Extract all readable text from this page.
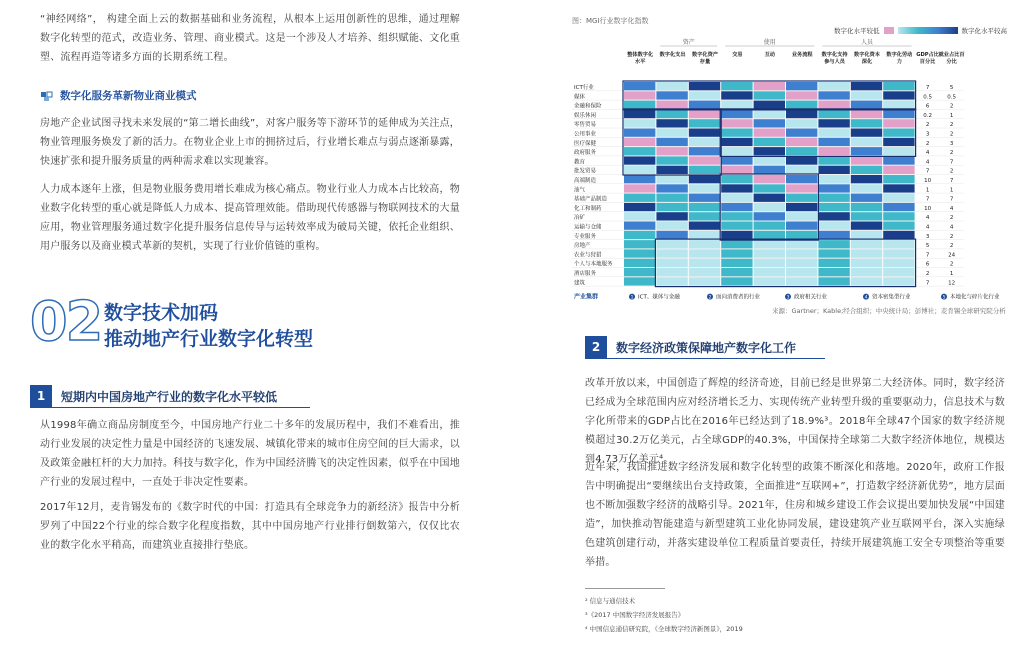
“神经网络”， 构建全面上云的数据基础和业务流程，从根本上运用创新性的思维，通过理解数字化转型的范式，改造业务、管理、商业模式。这是一个涉及人才培养、组织赋能、文化重塑、流程再造等诸多方面的长期系统工程。
数字化服务革新物业商业模式
房地产企业试图寻找未来发展的“第二增长曲线”，对客户服务等下游环节的延伸成为关注点，物业管理服务焕发了新的活力。在物业企业上市的拥挤过后，行业增长难点与弱点逐渐暴露，快速扩张和提升服务质量的两种需求难以实现兼容。
人力成本逐年上涨，但是物业服务费用增长难成为核心痛点。物业行业人力成本占比较高，物业数字化转型的重心就是降低人力成本、提高管理效能。借助现代传感器与物联网技术的大量应用，物业管理服务通过数字化提升服务信息传导与运转效率成为破局关键，依托企业组织、用户服务以及商业模式革新的契机，实现了行业价值链的重构。
02 数字技术加码
推动地产行业数字化转型
1	短期内中国房地产行业的数字化水平较低
从1998年确立商品房制度至今，中国房地产行业二十多年的发展历程中，我们不难看出，推动行业发展的决定性力量是中国经济的飞速发展、城镇化带来的城市住房空间的巨大需求，以及政策金融杠杆的大力加持。科技与数字化，作为中国经济腾飞的决定性因素，似乎在中国地产行业的发展过程中，一直处于非决定性要素。
2017年12月，麦肯锡发布的《数字时代的中国：打造具有全球竞争力的新经济》报告中分析罗列了中国22个行业的综合数字化程度指数，其中中国房地产行业排行倒数第六，仅仅比农业的数字化水平稍高，而建筑业直接排行垫底。
图：MGI行业数字化指数
数字化水平较低	数字化水平较高
资产	使用	人员
整体数字化水平
数字化支出 数字化资产存量
交易	互动	业务流程 数字化支持参与人员
数字化资本深化
数字化劳动力
GDP占比百分比
就业占比百分比
ICT行业	7	5
媒体	0.5	0.5
金融和保险	6	2
娱乐休闲	0.2	1
零售贸易	2	2
公用事业	3	2
医疗保健	2	3
政府服务	4	2
教育	4	7
批发贸易	7	2
高端制造	10	7
油气	1	1
基础产品制造	7	7
化工和制药	10	4
冶矿	4	2
运输与仓储	4	4
专业服务	3	2
房地产	5	2
农业与狩猎	7	24
个人与本地服务	6	2
酒店服务	2	1
建筑	7	12
产业集群	1 ICT、媒体与金融	2 面向消费者的行业	3 政府相关行业	4 资本密集型行业	5 本地化与碎片化行业
来源：Gartner；Kable;经合组织；中央统计局；彭博社；麦肯锡全球研究院分析
2	数字经济政策保障地产数字化工作
改革开放以来，中国创造了辉煌的经济奇迹，目前已经是世界第二大经济体。同时，数字经济已经成为全球范围内应对经济增长乏力、实现传统产业转型升级的重要驱动力，信息技术与数字化所带来的GDP占比在2016年已经达到了18.9%³。2018年全球47个国家的数字经济规模超过30.2万亿美元，占全球GDP的40.3%，中国保持全球第二大数字经济体地位，规模达到4.73万亿美元⁴。
近年来，我国推进数字经济发展和数字化转型的政策不断深化和落地。2020年，政府工作报告中明确提出“要继续出台支持政策，全面推进“互联网+”，打造数字经济新优势”，地方层面也不断加强数字经济的战略引导。2021年，住房和城乡建设工作会议提出要加快发展“中国建造”，加快推动智能建造与新型建筑工业化协同发展，建设建筑产业互联网平台，深入实施绿色建筑创建行动，并落实建设单位工程质量首要责任，持续开展建筑施工安全专项整治等重要举措。
² 信息与通信技术
³《2017 中国数字经济发展报告》
⁴ 中国信息通信研究院，《全球数字经济新图景》，2019
